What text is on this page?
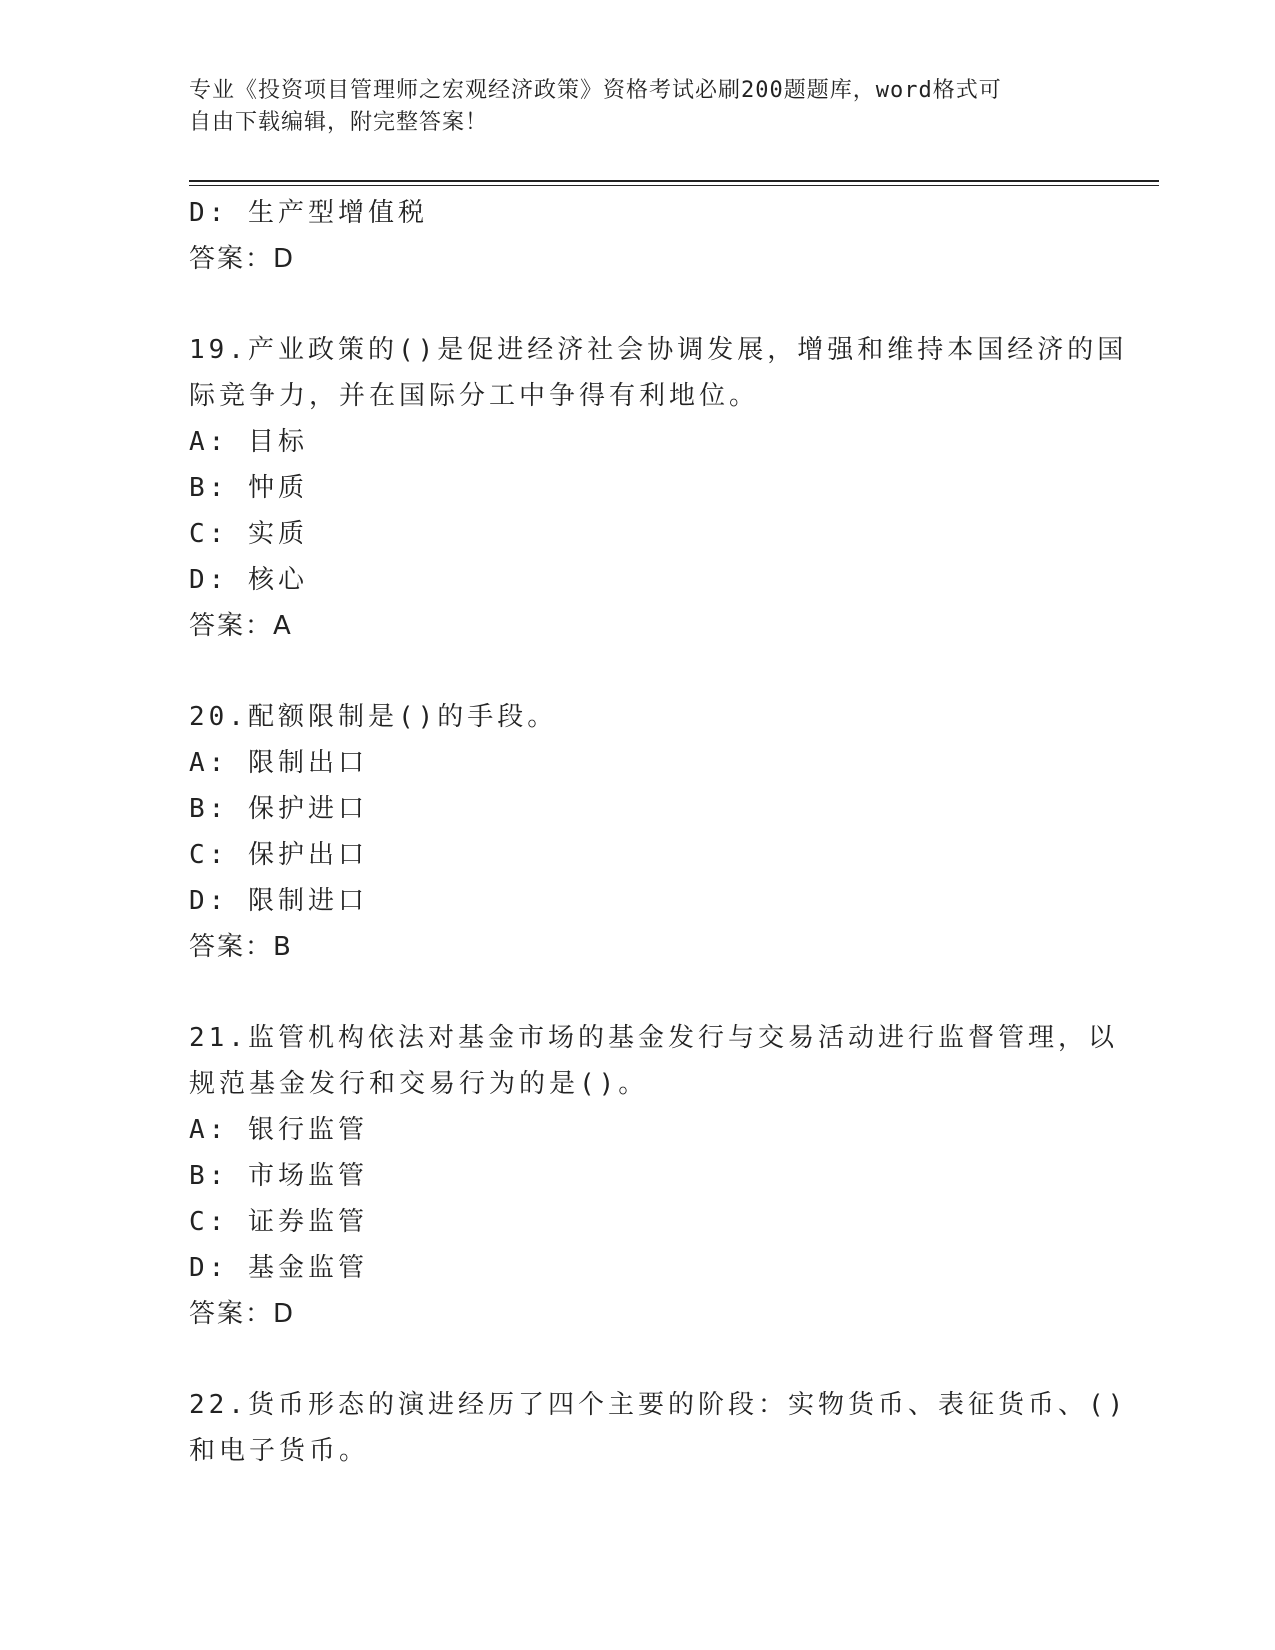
专业《投资项目管理师之宏观经济政策》资格考试必刷200题题库，word格式可
自由下载编辑，附完整答案！
D: 生产型增值税
答案：D
19.产业政策的()是促进经济社会协调发展，增强和维持本国经济的国
际竞争力，并在国际分工中争得有利地位。
A: 目标
B: 忡质
C: 实质
D: 核心
答案：A
20.配额限制是()的手段。
A: 限制出口
B: 保护进口
C: 保护出口
D: 限制进口
答案：B
21.监管机构依法对基金市场的基金发行与交易活动进行监督管理，以
规范基金发行和交易行为的是()。
A: 银行监管
B: 市场监管
C: 证券监管
D: 基金监管
答案：D
22.货币形态的演进经历了四个主要的阶段：实物货币、表征货币、()
和电子货币。
